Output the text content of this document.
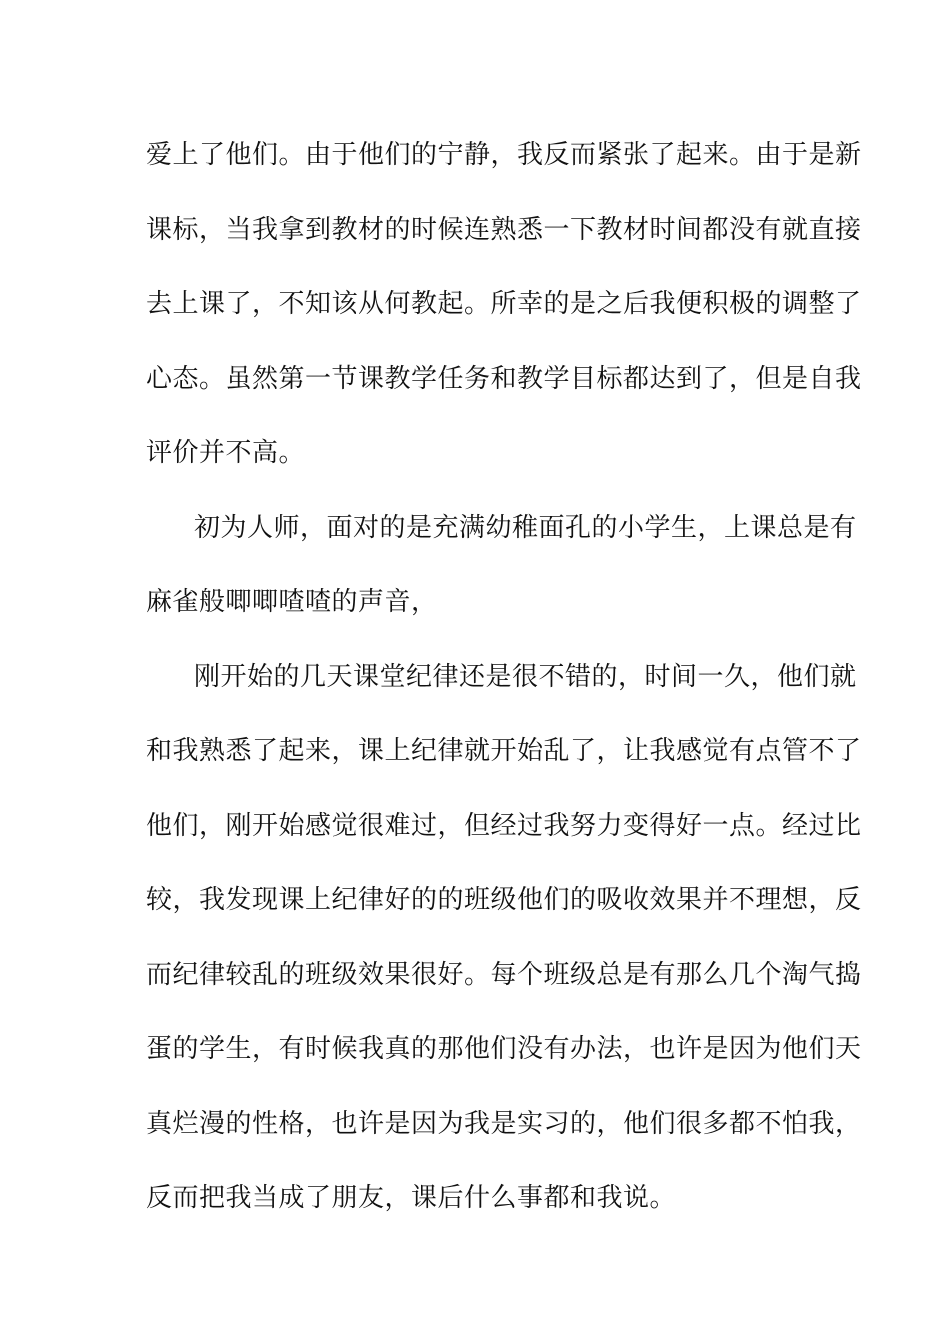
爱上了他们。由于他们的宁静，我反而紧张了起来。由于是新
课标，当我拿到教材的时候连熟悉一下教材时间都没有就直接
去上课了，不知该从何教起。所幸的是之后我便积极的调整了
心态。虽然第一节课教学任务和教学目标都达到了，但是自我
评价并不高。
初为人师，面对的是充满幼稚面孔的小学生，上课总是有
麻雀般唧唧喳喳的声音，
刚开始的几天课堂纪律还是很不错的，时间一久，他们就
和我熟悉了起来，课上纪律就开始乱了，让我感觉有点管不了
他们，刚开始感觉很难过，但经过我努力变得好一点。经过比
较，我发现课上纪律好的的班级他们的吸收效果并不理想，反
而纪律较乱的班级效果很好。每个班级总是有那么几个淘气捣
蛋的学生，有时候我真的那他们没有办法，也许是因为他们天
真烂漫的性格，也许是因为我是实习的，他们很多都不怕我，
反而把我当成了朋友，课后什么事都和我说。
